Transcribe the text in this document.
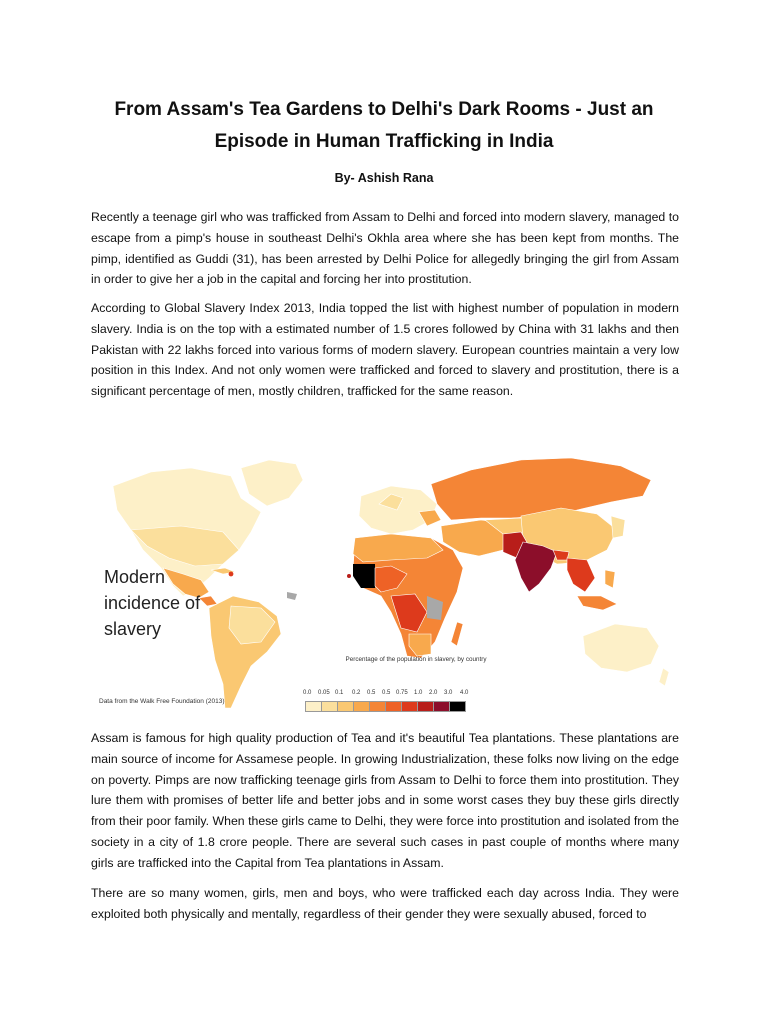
From Assam's Tea Gardens to Delhi's Dark Rooms - Just an
Episode in Human Trafficking in India
By- Ashish Rana

Recently a teenage girl who was trafficked from Assam to Delhi and forced into modern slavery, managed to escape from a pimp's house in southeast Delhi's Okhla area where she has been kept from months. The pimp, identified as Guddi (31), has been arrested by Delhi Police for allegedly bringing the girl from Assam in order to give her a job in the capital and forcing her into prostitution.

According to Global Slavery Index 2013, India topped the list with highest number of population in modern slavery. India is on the top with a estimated number of 1.5 crores followed by China with 31 lakhs and then Pakistan with 22 lakhs forced into various forms of modern slavery. European countries maintain a very low position in this Index. And not only women were trafficked and forced to slavery and prostitution, there is a significant percentage of men, mostly children, trafficked for the same reason.

Modern
incidence of
slavery
Percentage of the population in slavery, by country
0.0 0.05 0.1 0.2 0.5 0.5 0.75 1.0 2.0 3.0 4.0
Data from the Walk Free Foundation (2013)

Assam is famous for high quality production of Tea and it's beautiful Tea plantations. These plantations are main source of income for Assamese people. In growing Industrialization, these folks now living on the edge on poverty. Pimps are now trafficking teenage girls from Assam to Delhi to force them into prostitution. They lure them with promises of better life and better jobs and in some worst cases they buy these girls directly from their poor family. When these girls came to Delhi, they were force into prostitution and isolated from the society in a city of 1.8 crore people. There are several such cases in past couple of months where many girls are trafficked into the Capital from Tea plantations in Assam.

There are so many women, girls, men and boys, who were trafficked each day across India. They were exploited both physically and mentally, regardless of their gender they were sexually abused, forced to
